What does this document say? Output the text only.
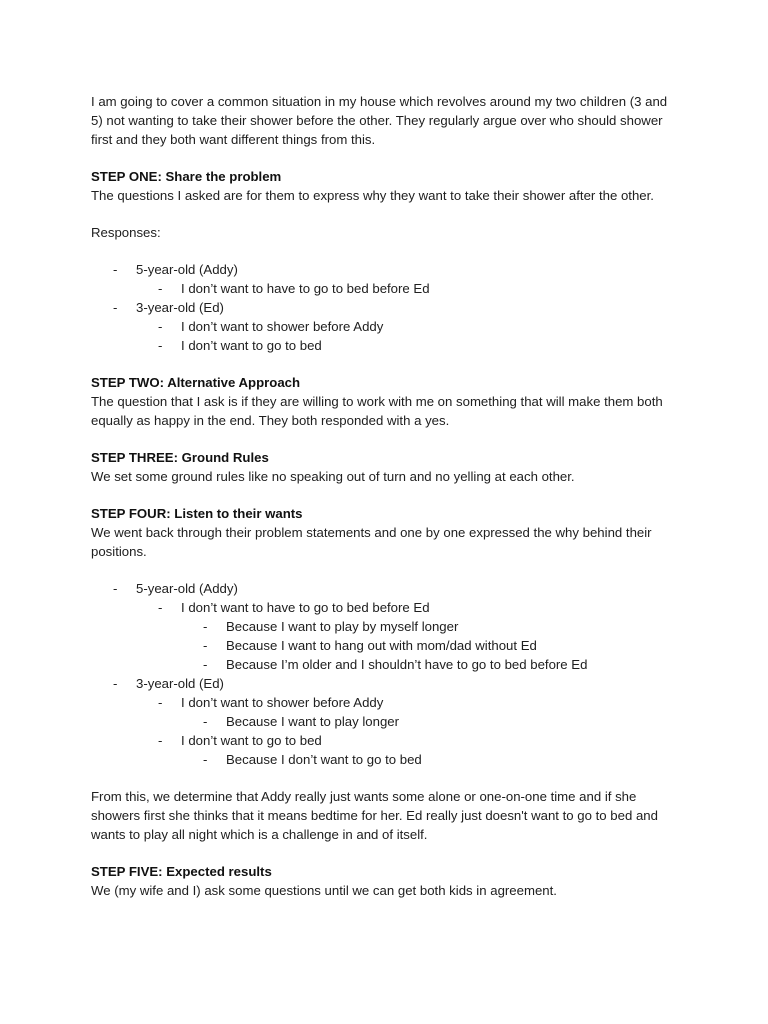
I am going to cover a common situation in my house which revolves around my two children (3 and 5) not wanting to take their shower before the other. They regularly argue over who should shower first and they both want different things from this.

STEP ONE: Share the problem

The questions I asked are for them to express why they want to take their shower after the other.

Responses:

- 5-year-old (Addy)
- I don’t want to have to go to bed before Ed
- 3-year-old (Ed)
- I don’t want to shower before Addy
- I don’t want to go to bed

STEP TWO: Alternative Approach

The question that I ask is if they are willing to work with me on something that will make them both equally as happy in the end. They both responded with a yes.

STEP THREE: Ground Rules

We set some ground rules like no speaking out of turn and no yelling at each other.

STEP FOUR: Listen to their wants

We went back through their problem statements and one by one expressed the why behind their positions.

- 5-year-old (Addy)
- I don’t want to have to go to bed before Ed
- Because I want to play by myself longer
- Because I want to hang out with mom/dad without Ed
- Because I’m older and I shouldn’t have to go to bed before Ed
- 3-year-old (Ed)
- I don’t want to shower before Addy
- Because I want to play longer
- I don’t want to go to bed
- Because I don’t want to go to bed

From this, we determine that Addy really just wants some alone or one-on-one time and if she showers first she thinks that it means bedtime for her. Ed really just doesn't want to go to bed and wants to play all night which is a challenge in and of itself.

STEP FIVE: Expected results

We (my wife and I) ask some questions until we can get both kids in agreement.
